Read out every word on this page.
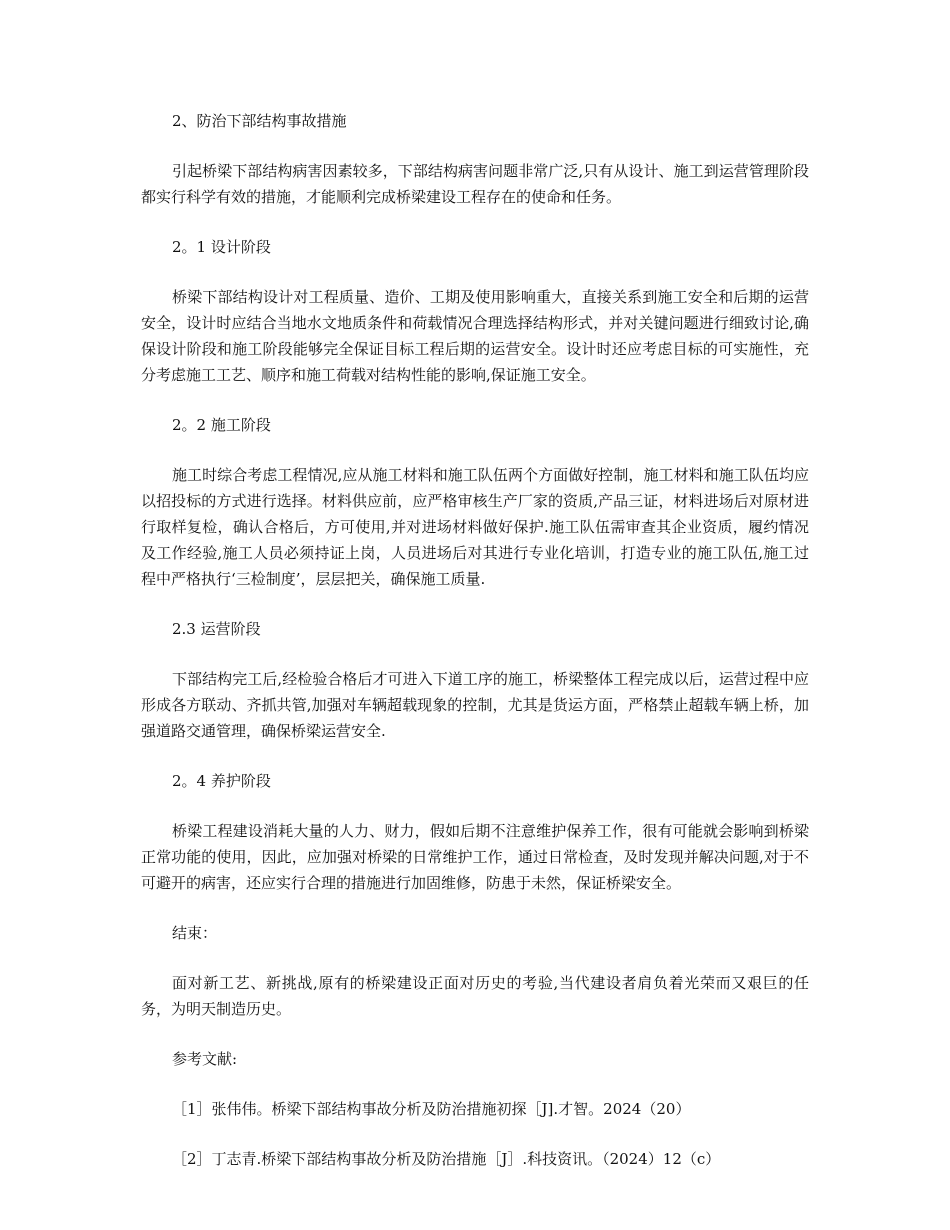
2、防治下部结构事故措施

引起桥梁下部结构病害因素较多，下部结构病害问题非常广泛,只有从设计、施工到运营管理阶段都实行科学有效的措施，才能顺利完成桥梁建设工程存在的使命和任务。

2。1 设计阶段

桥梁下部结构设计对工程质量、造价、工期及使用影响重大，直接关系到施工安全和后期的运营安全，设计时应结合当地水文地质条件和荷载情况合理选择结构形式，并对关键问题进行细致讨论,确保设计阶段和施工阶段能够完全保证目标工程后期的运营安全。设计时还应考虑目标的可实施性，充分考虑施工工艺、顺序和施工荷载对结构性能的影响,保证施工安全。

2。2 施工阶段

施工时综合考虑工程情况,应从施工材料和施工队伍两个方面做好控制，施工材料和施工队伍均应以招投标的方式进行选择。材料供应前，应严格审核生产厂家的资质,产品三证，材料进场后对原材进行取样复检，确认合格后，方可使用,并对进场材料做好保护.施工队伍需审查其企业资质，履约情况及工作经验,施工人员必须持证上岗，人员进场后对其进行专业化培训，打造专业的施工队伍,施工过程中严格执行‘三检制度’，层层把关，确保施工质量.

2.3 运营阶段

下部结构完工后,经检验合格后才可进入下道工序的施工，桥梁整体工程完成以后，运营过程中应形成各方联动、齐抓共管,加强对车辆超载现象的控制，尤其是货运方面，严格禁止超载车辆上桥，加强道路交通管理，确保桥梁运营安全.

2。4 养护阶段

桥梁工程建设消耗大量的人力、财力，假如后期不注意维护保养工作，很有可能就会影响到桥梁正常功能的使用，因此，应加强对桥梁的日常维护工作，通过日常检查，及时发现并解决问题,对于不可避开的病害，还应实行合理的措施进行加固维修，防患于未然，保证桥梁安全。

结束：

面对新工艺、新挑战,原有的桥梁建设正面对历史的考验,当代建设者肩负着光荣而又艰巨的任务，为明天制造历史。

参考文献:

［1］张伟伟。桥梁下部结构事故分析及防治措施初探［J].才智。2024（20）

［2］丁志青.桥梁下部结构事故分析及防治措施［J］.科技资讯。（2024）12（c）
